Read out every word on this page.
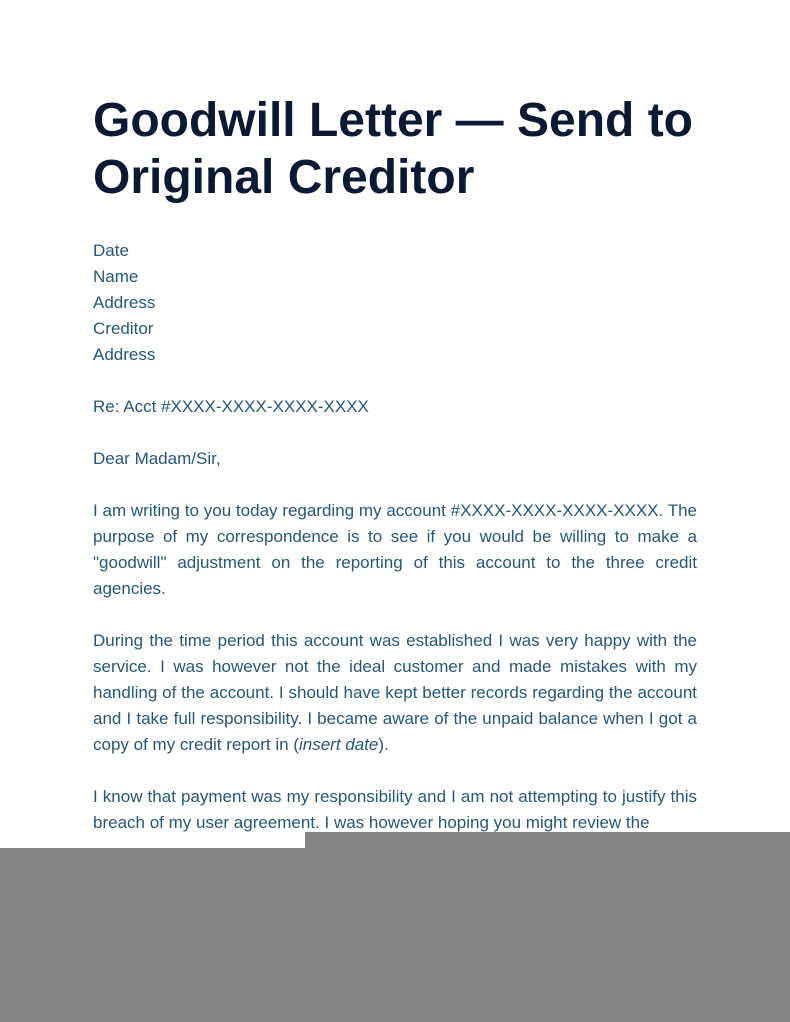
Goodwill Letter — Send to Original Creditor
Date
Name
Address
Creditor
Address

Re: Acct #XXXX-XXXX-XXXX-XXXX

Dear Madam/Sir,

I am writing to you today regarding my account #XXXX-XXXX-XXXX-XXXX. The purpose of my correspondence is to see if you would be willing to make a "goodwill" adjustment on the reporting of this account to the three credit agencies.

During the time period this account was established I was very happy with the service. I was however not the ideal customer and made mistakes with my handling of the account. I should have kept better records regarding the account and I take full responsibility. I became aware of the unpaid balance when I got a copy of my credit report in (insert date).

I know that payment was my responsibility and I am not attempting to justify this breach of my user agreement. I was however hoping you might review the
